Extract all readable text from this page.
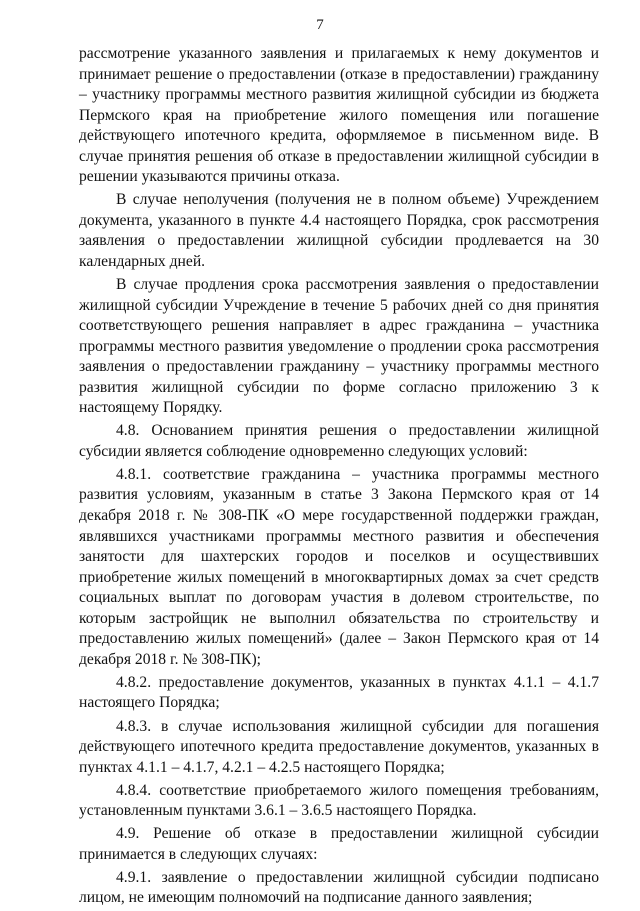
7

рассмотрение указанного заявления и прилагаемых к нему документов и принимает решение о предоставлении (отказе в предоставлении) гражданину – участнику программы местного развития жилищной субсидии из бюджета Пермского края на приобретение жилого помещения или погашение действующего ипотечного кредита, оформляемое в письменном виде. В случае принятия решения об отказе в предоставлении жилищной субсидии в решении указываются причины отказа.

В случае неполучения (получения не в полном объеме) Учреждением документа, указанного в пункте 4.4 настоящего Порядка, срок рассмотрения заявления о предоставлении жилищной субсидии продлевается на 30 календарных дней.

В случае продления срока рассмотрения заявления о предоставлении жилищной субсидии Учреждение в течение 5 рабочих дней со дня принятия соответствующего решения направляет в адрес гражданина – участника программы местного развития уведомление о продлении срока рассмотрения заявления о предоставлении гражданину – участнику программы местного развития жилищной субсидии по форме согласно приложению 3 к настоящему Порядку.

4.8. Основанием принятия решения о предоставлении жилищной субсидии является соблюдение одновременно следующих условий:

4.8.1. соответствие гражданина – участника программы местного развития условиям, указанным в статье 3 Закона Пермского края от 14 декабря 2018 г. № 308-ПК «О мере государственной поддержки граждан, являвшихся участниками программы местного развития и обеспечения занятости для шахтерских городов и поселков и осуществивших приобретение жилых помещений в многоквартирных домах за счет средств социальных выплат по договорам участия в долевом строительстве, по которым застройщик не выполнил обязательства по строительству и предоставлению жилых помещений» (далее – Закон Пермского края от 14 декабря 2018 г. № 308-ПК);

4.8.2. предоставление документов, указанных в пунктах 4.1.1 – 4.1.7 настоящего Порядка;

4.8.3. в случае использования жилищной субсидии для погашения действующего ипотечного кредита предоставление документов, указанных в пунктах 4.1.1 – 4.1.7, 4.2.1 – 4.2.5 настоящего Порядка;

4.8.4. соответствие приобретаемого жилого помещения требованиям, установленным пунктами 3.6.1 – 3.6.5 настоящего Порядка.

4.9. Решение об отказе в предоставлении жилищной субсидии принимается в следующих случаях:

4.9.1. заявление о предоставлении жилищной субсидии подписано лицом, не имеющим полномочий на подписание данного заявления;
